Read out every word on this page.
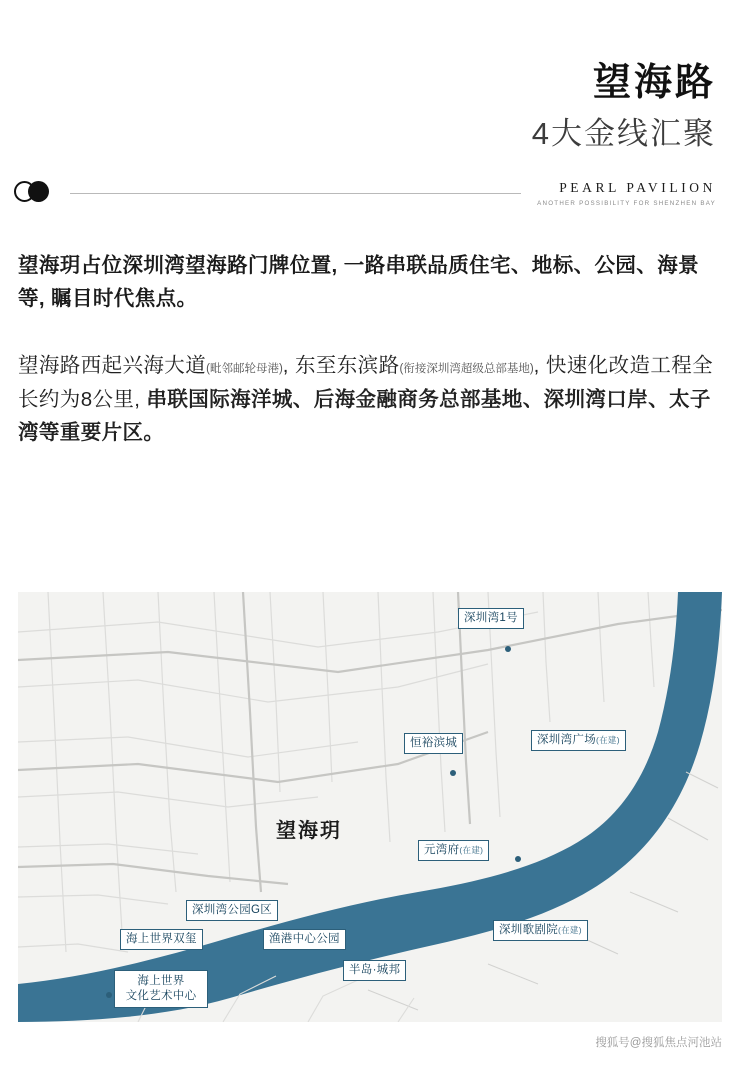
望海路
4大金线汇聚
PEARL PAVILION
ANOTHER POSSIBILITY FOR SHENZHEN BAY

望海玥占位深圳湾望海路门牌位置, 一路串联品质住宅、地标、公园、海景等, 瞩目时代焦点。

望海路西起兴海大道(毗邻邮轮母港), 东至东滨路(衔接深圳湾超级总部基地), 快速化改造工程全长约为8公里, 串联国际海洋城、后海金融商务总部基地、深圳湾口岸、太子湾等重要片区。

深圳湾1号
恒裕滨城	深圳湾广场(在建)
元湾府(在建)
深圳歌剧院(在建)
深圳湾公园G区
渔港中心公园
海上世界双玺
半岛·城邦
海上世界
文化艺术中心
望海玥
搜狐号@搜狐焦点河池站
